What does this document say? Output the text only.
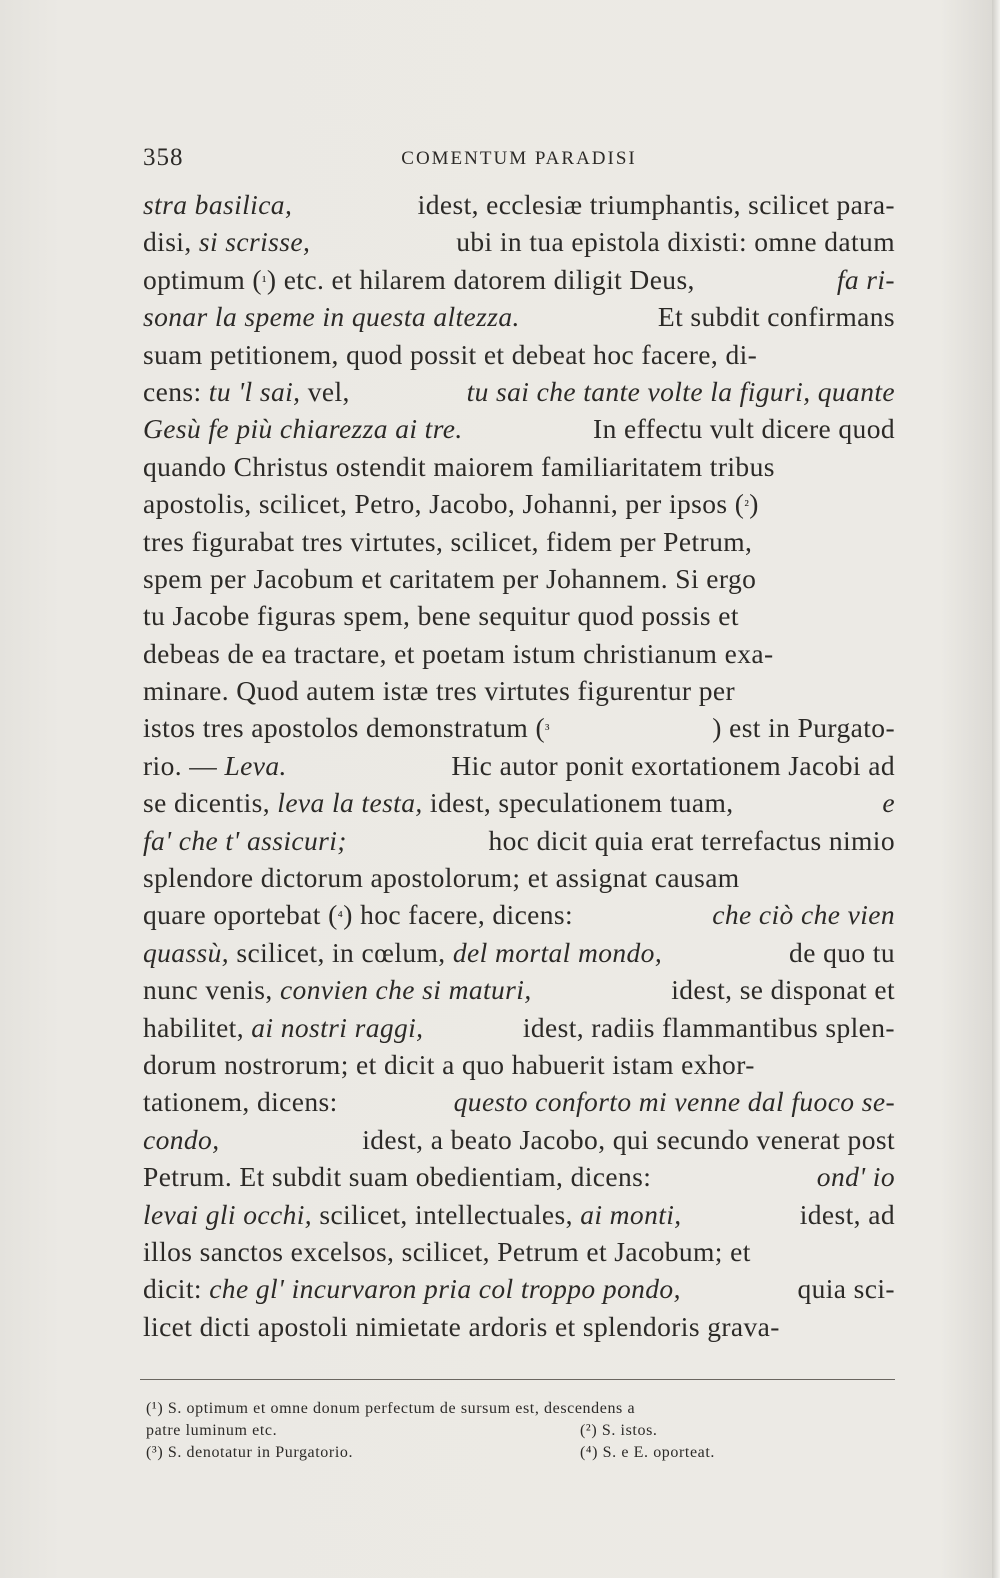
358	COMENTUM PARADISI
stra basilica,	idest, ecclesiæ triumphantis, scilicet para-
disi, si scrisse,	ubi in tua epistola dixisti: omne datum
optimum ($^{^1}$) etc. et hilarem datorem diligit Deus,	fa ri-
sonar la speme in questa altezza.	Et subdit confirmans
suam petitionem, quod possit et debeat hoc facere, di-
cens: tu 'l sai, vel,	tu sai che tante volte la figuri, quante
Gesù fe più chiarezza ai tre.	In effectu vult dicere quod
quando Christus ostendit maiorem familiaritatem tribus
apostolis, scilicet, Petro, Jacobo, Johanni, per ipsos ($^{^2}$)
tres figurabat tres virtutes, scilicet, fidem per Petrum,
spem per Jacobum et caritatem per Johannem. Si ergo
tu Jacobe figuras spem, bene sequitur quod possis et
debeas de ea tractare, et poetam istum christianum exa-
minare. Quod autem istæ tres virtutes figurentur per
istos tres apostolos demonstratum ($^{^3}$	) est in Purgato-
rio. — Leva.	Hic autor ponit exortationem Jacobi ad
se dicentis, leva la testa, idest, speculationem tuam,	e
fa' che t' assicuri;	hoc dicit quia erat terrefactus nimio
splendore dictorum apostolorum; et assignat causam
quare oportebat ($^{^4}$) hoc facere, dicens:	che ciò che vien
quassù, scilicet, in cœlum, del mortal mondo,	de quo tu
nunc venis, convien che si maturi,	idest, se disponat et
habilitet, ai nostri raggi,	idest, radiis flammantibus splen-
dorum nostrorum; et dicit a quo habuerit istam exhor-
tationem, dicens:	questo conforto mi venne dal fuoco se-
condo,	idest, a beato Jacobo, qui secundo venerat post
Petrum. Et subdit suam obedientiam, dicens:	ond' io
levai gli occhi, scilicet, intellectuales, ai monti,	idest, ad
illos sanctos excelsos, scilicet, Petrum et Jacobum; et
dicit: che gl' incurvaron pria col troppo pondo,	quia sci-
licet dicti apostoli nimietate ardoris et splendoris grava-
(¹) S. optimum et omne donum perfectum de sursum est, descendens a
patre luminum etc.	(²) S. istos.
(³) S. denotatur in Purgatorio.	(⁴) S. e E. oporteat.
